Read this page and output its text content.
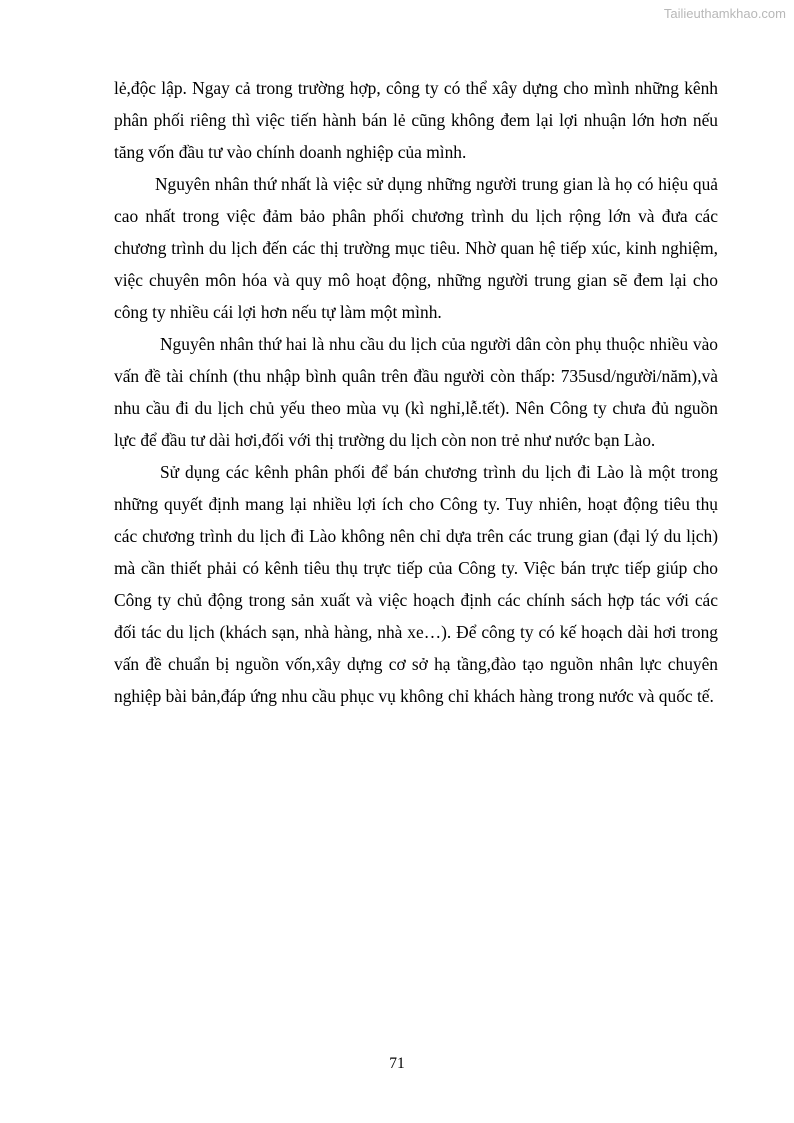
Tailieuthamkhao.com

lẻ,độc lập. Ngay cả trong trường hợp, công ty có thể xây dựng cho mình những kênh phân phối riêng thì việc tiến hành bán lẻ cũng không đem lại lợi nhuận lớn hơn nếu tăng vốn đầu tư vào chính doanh nghiệp của mình.

Nguyên nhân thứ nhất là việc sử dụng những người trung gian là họ có hiệu quả cao nhất trong việc đảm bảo phân phối chương trình du lịch rộng lớn và đưa các chương trình du lịch đến các thị trường mục tiêu. Nhờ quan hệ tiếp xúc, kinh nghiệm, việc chuyên môn hóa và quy mô hoạt động, những người trung gian sẽ đem lại cho công ty nhiều cái lợi hơn nếu tự làm một mình.

Nguyên nhân thứ hai là nhu cầu du lịch của người dân còn phụ thuộc nhiều vào vấn đề tài chính (thu nhập bình quân trên đầu người còn thấp: 735usd/người/năm),và nhu cầu đi du lịch chủ yếu theo mùa vụ (kì nghỉ,lễ.tết). Nên Công ty chưa đủ nguồn lực để đầu tư dài hơi,đối với thị trường du lịch còn non trẻ như nước bạn Lào.

Sử dụng các kênh phân phối để bán chương trình du lịch đi Lào là một trong những quyết định mang lại nhiều lợi ích cho Công ty. Tuy nhiên, hoạt động tiêu thụ các chương trình du lịch đi Lào không nên chỉ dựa trên các trung gian (đại lý du lịch) mà cần thiết phải có kênh tiêu thụ trực tiếp của Công ty. Việc bán trực tiếp giúp cho Công ty chủ động trong sản xuất và việc hoạch định các chính sách hợp tác với các đối tác du lịch (khách sạn, nhà hàng, nhà xe…). Để công ty có kế hoạch dài hơi trong vấn đề chuẩn bị nguồn vốn,xây dựng cơ sở hạ tầng,đào tạo nguồn nhân lực chuyên nghiệp bài bản,đáp ứng nhu cầu phục vụ không chỉ khách hàng trong nước và quốc tế.

71
